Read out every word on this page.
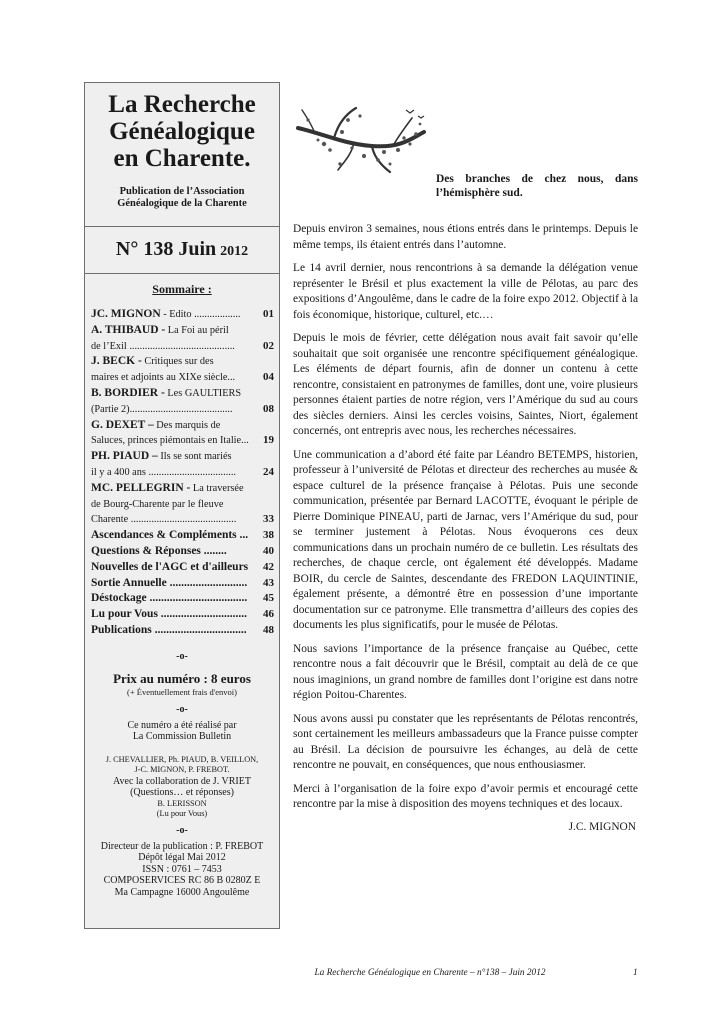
La Recherche
Généalogique
en Charente.
Publication de l’Association
Généalogique de la Charente
N° 138 Juin 2012
Sommaire :
JC. MIGNON - Edito ..................	01
A. THIBAUD - La Foi au péril
de l’Exil .........................................	02
J. BECK - Critiques sur des
maires et adjoints au XIXe siècle...	04
B. BORDIER - Les GAULTIERS
(Partie 2)........................................	08
G. DEXET – Des marquis de
Saluces, princes piémontais en Italie...	19
PH. PIAUD – Ils se sont mariés
il y a 400 ans ..................................	24
MC. PELLEGRIN - La traversée
de Bourg-Charente par le fleuve
Charente .........................................	33
Ascendances & Compléments ...	38
Questions & Réponses ........	40
Nouvelles de l'AGC et d'ailleurs	42
Sortie Annuelle ...........................	43
Déstockage ..................................	45
Lu pour Vous ..............................	46
Publications ................................	48
-o-
Prix au numéro : 8 euros
(+ Éventuellement frais d'envoi)
-o-
Ce numéro a été réalisé par
La Commission Bulletin
J. CHEVALLIER, Ph. PIAUD, B. VEILLON,
J-C. MIGNON, P. FREBOT.
Avec la collaboration de J. VRIET
(Questions… et réponses)
B. LERISSON
(Lu pour Vous)
-o-
Directeur de la publication : P. FREBOT
Dépôt légal Mai 2012
ISSN : 0761 – 7453
COMPOSERVICES RC 86 B 0280Z E
Ma Campagne 16000 Angoulême
Des branches de chez nous, dans l’hémisphère sud.

Depuis environ 3 semaines, nous étions entrés dans le printemps. Depuis le même temps, ils étaient entrés dans l’automne.

Le 14 avril dernier, nous rencontrions à sa demande la délégation venue représenter le Brésil et plus exactement la ville de Pélotas, au parc des expositions d’Angoulême, dans le cadre de la foire expo 2012. Objectif à la fois économique, historique, culturel, etc.…

Depuis le mois de février, cette délégation nous avait fait savoir qu’elle souhaitait que soit organisée une rencontre spécifiquement généalogique. Les éléments de départ fournis, afin de donner un contenu à cette rencontre, consistaient en patronymes de familles, dont une, voire plusieurs personnes étaient parties de notre région, vers l’Amérique du sud au cours des siècles derniers. Ainsi les cercles voisins, Saintes, Niort, également concernés, ont entrepris avec nous, les recherches nécessaires.

Une communication a d’abord été faite par Léandro BETEMPS, historien, professeur à l’université de Pélotas et directeur des recherches au musée & espace culturel de la présence française à Pélotas. Puis une seconde communication, présentée par Bernard LACOTTE, évoquant le périple de Pierre Dominique PINEAU, parti de Jarnac, vers l’Amérique du sud, pour se terminer justement à Pélotas. Nous évoquerons ces deux communications dans un prochain numéro de ce bulletin. Les résultats des recherches, de chaque cercle, ont également été développés. Madame BOIR, du cercle de Saintes, descendante des FREDON LAQUINTINIE, également présente, a démontré être en possession d’une importante documentation sur ce patronyme. Elle transmettra d’ailleurs des copies des documents les plus significatifs, pour le musée de Pélotas.

Nous savions l’importance de la présence française au Québec, cette rencontre nous a fait découvrir que le Brésil, comptait au delà de ce que nous imaginions, un grand nombre de familles dont l’origine est dans notre région Poitou-Charentes.

Nous avons aussi pu constater que les représentants de Pélotas rencontrés, sont certainement les meilleurs ambassadeurs que la France puisse compter au Brésil. La décision de poursuivre les échanges, au delà de cette rencontre ne pouvait, en conséquences, que nous enthousiasmer.

Merci à l’organisation de la foire expo d’avoir permis et encouragé cette rencontre par la mise à disposition des moyens techniques et des locaux.

J.C. MIGNON
La Recherche Généalogique en Charente – n°138 – Juin 2012	1
